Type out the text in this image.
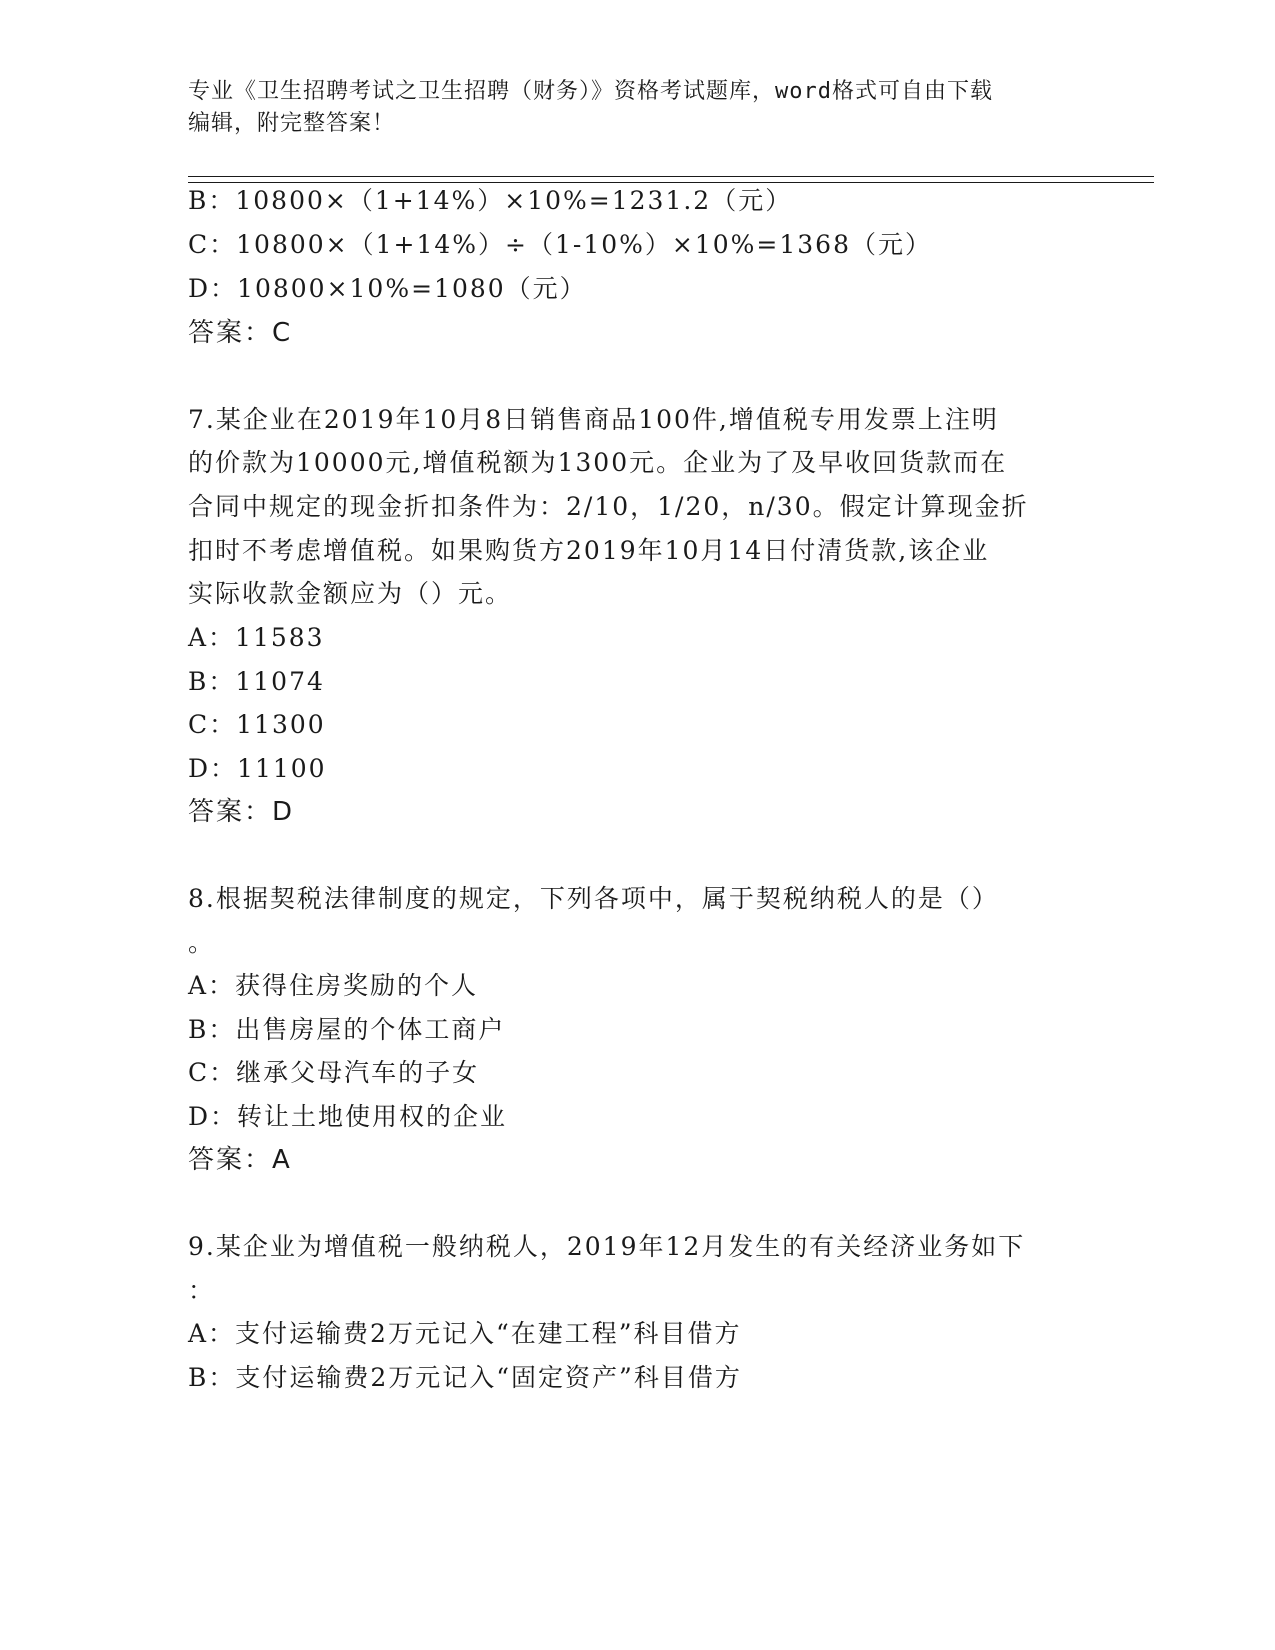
专业《卫生招聘考试之卫生招聘（财务）》资格考试题库，word格式可自由下载
编辑，附完整答案！
B：10800×（1+14%）×10%=1231.2（元）
C：10800×（1+14%）÷（1-10%）×10%=1368（元）
D：10800×10%=1080（元）
答案：C
7.某企业在2019年10月8日销售商品100件,增值税专用发票上注明
的价款为10000元,增值税额为1300元。企业为了及早收回货款而在
合同中规定的现金折扣条件为：2/10，1/20，n/30。假定计算现金折
扣时不考虑增值税。如果购货方2019年10月14日付清货款,该企业
实际收款金额应为（）元。
A：11583
B：11074
C：11300
D：11100
答案：D
8.根据契税法律制度的规定，下列各项中，属于契税纳税人的是（）
。
A：获得住房奖励的个人
B：出售房屋的个体工商户
C：继承父母汽车的子女
D：转让土地使用权的企业
答案：A
9.某企业为增值税一般纳税人，2019年12月发生的有关经济业务如下
：
A：支付运输费2万元记入“在建工程”科目借方
B：支付运输费2万元记入“固定资产”科目借方
